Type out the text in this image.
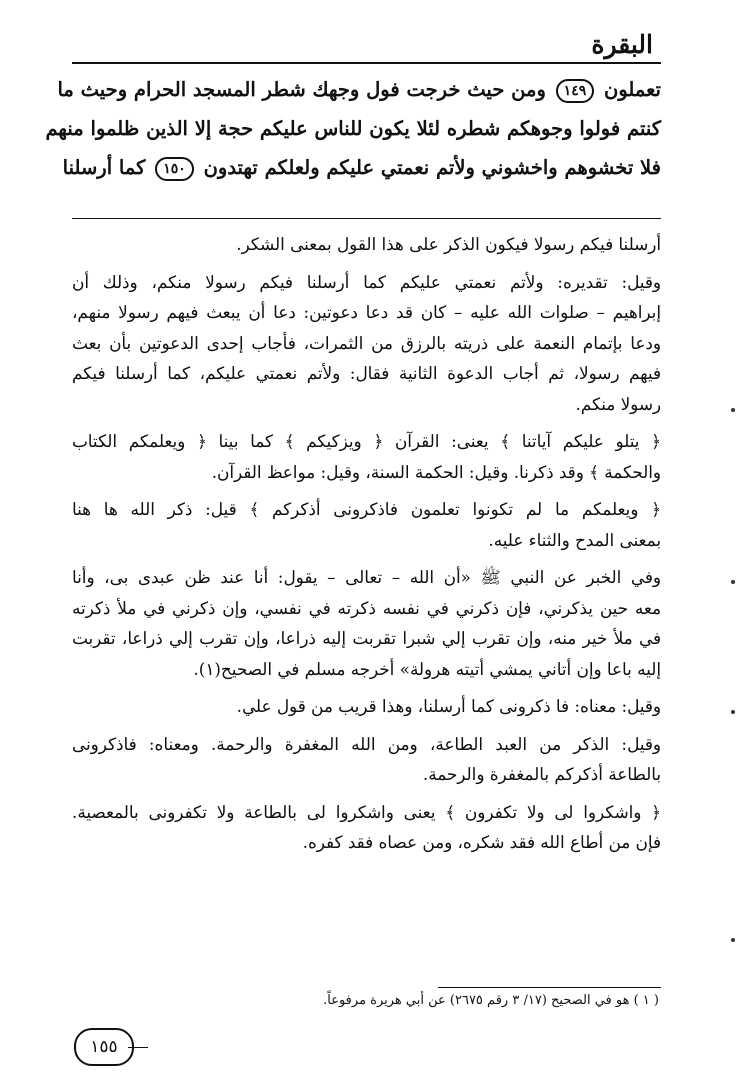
البقرة
تعملون ١٤٩ ومن حيث خرجت فول وجهك شطر المسجد الحرام وحيث ما
كنتم فولوا وجوهكم شطره لئلا يكون للناس عليكم حجة إلا الذين ظلموا منهم
فلا تخشوهم واخشوني ولأتم نعمتي عليكم ولعلكم تهتدون ١٥٠ كما أرسلنا
أرسلنا فيكم رسولا فيكون الذكر على هذا القول بمعنى الشكر.
وقيل: تقديره: ولأتم نعمتي عليكم كما أرسلنا فيكم رسولا منكم، وذلك أن
إبراهيم – صلوات الله عليه – كان قد دعا دعوتين: دعا أن يبعث فيهم رسولا منهم،
ودعا بإتمام النعمة على ذريته بالرزق من الثمرات، فأجاب إحدى الدعوتين بأن بعث
فيهم رسولا، ثم أجاب الدعوة الثانية فقال: ولأتم نعمتي عليكم، كما أرسلنا فيكم
رسولا منكم.
﴿ يتلو عليكم آياتنا ﴾ يعنى: القرآن ﴿ ويزكيكم ﴾ كما بينا ﴿ ويعلمكم الكتاب
والحكمة ﴾ وقد ذكرنا. وقيل: الحكمة السنة، وقيل: مواعظ القرآن.
﴿ ويعلمكم ما لم تكونوا تعلمون فاذكرونى أذكركم ﴾ قيل: ذكر الله ها هنا
بمعنى المدح والثناء عليه.
وفي الخبر عن النبي ﷺ «أن الله – تعالى – يقول: أنا عند ظن عبدى بى، وأنا
معه حين يذكرني، فإن ذكرني في نفسه ذكرته في نفسي، وإن ذكرني في ملأ ذكرته
في ملأ خير منه، وإن تقرب إلي شبرا تقربت إليه ذراعا، وإن تقرب إلي ذراعا، تقربت
إليه باعا وإن أتاني يمشي أتيته هرولة» أخرجه مسلم في الصحيح(١).
وقيل: معناه: فا ذكرونى كما أرسلنا، وهذا قريب من قول علي.
وقيل: الذكر من العبد الطاعة، ومن الله المغفرة والرحمة. ومعناه: فاذكرونى
بالطاعة أذكركم بالمغفرة والرحمة.
﴿ واشكروا لى ولا تكفرون ﴾ يعنى واشكروا لى بالطاعة ولا تكفرونى بالمعصية.
فإن من أطاع الله فقد شكره، ومن عصاه فقد كفره.
( ١ ) هو في الصحيح (١٧/ ٣ رقم ٢٦٧٥) عن أبي هريرة مرفوعاً.
١٥٥
